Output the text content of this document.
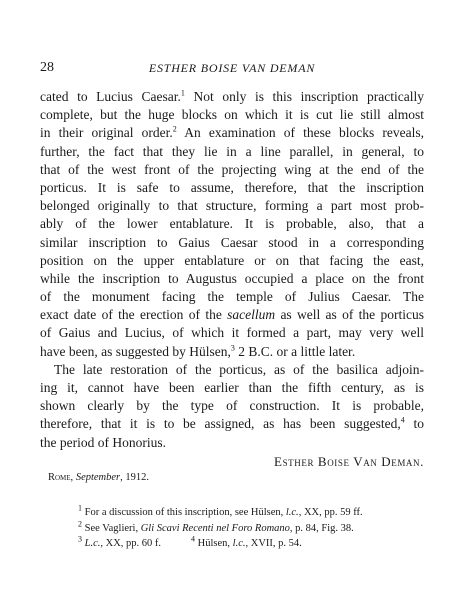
28	ESTHER BOISE VAN DEMAN
cated to Lucius Caesar.$^1$ Not only is this inscription practically
complete, but the huge blocks on which it is cut lie still almost
in their original order.$^2$ An examination of these blocks reveals,
further, the fact that they lie in a line parallel, in general, to
that of the west front of the projecting wing at the end of the
porticus. It is safe to assume, therefore, that the inscription
belonged originally to that structure, forming a part most prob-
ably of the lower entablature. It is probable, also, that a
similar inscription to Gaius Caesar stood in a corresponding
position on the upper entablature or on that facing the east,
while the inscription to Augustus occupied a place on the front
of the monument facing the temple of Julius Caesar. The
exact date of the erection of the sacellum as well as of the porticus
of Gaius and Lucius, of which it formed a part, may very well
have been, as suggested by Hülsen,$^3$ 2 B.C. or a little later.
The late restoration of the porticus, as of the basilica adjoin-
ing it, cannot have been earlier than the fifth century, as is
shown clearly by the type of construction. It is probable,
therefore, that it is to be assigned, as has been suggested,$^4$ to
the period of Honorius.
Esther Boise Van Deman.
Rome, September, 1912.
$^1$ For a discussion of this inscription, see Hülsen, l.c., XX, pp. 59 ff.
$^2$ See Vaglieri, Gli Scavi Recenti nel Foro Romano, p. 84, Fig. 38.
$^3$ L.c., XX, pp. 60 f.	$^4$ Hülsen, l.c., XVII, p. 54.
